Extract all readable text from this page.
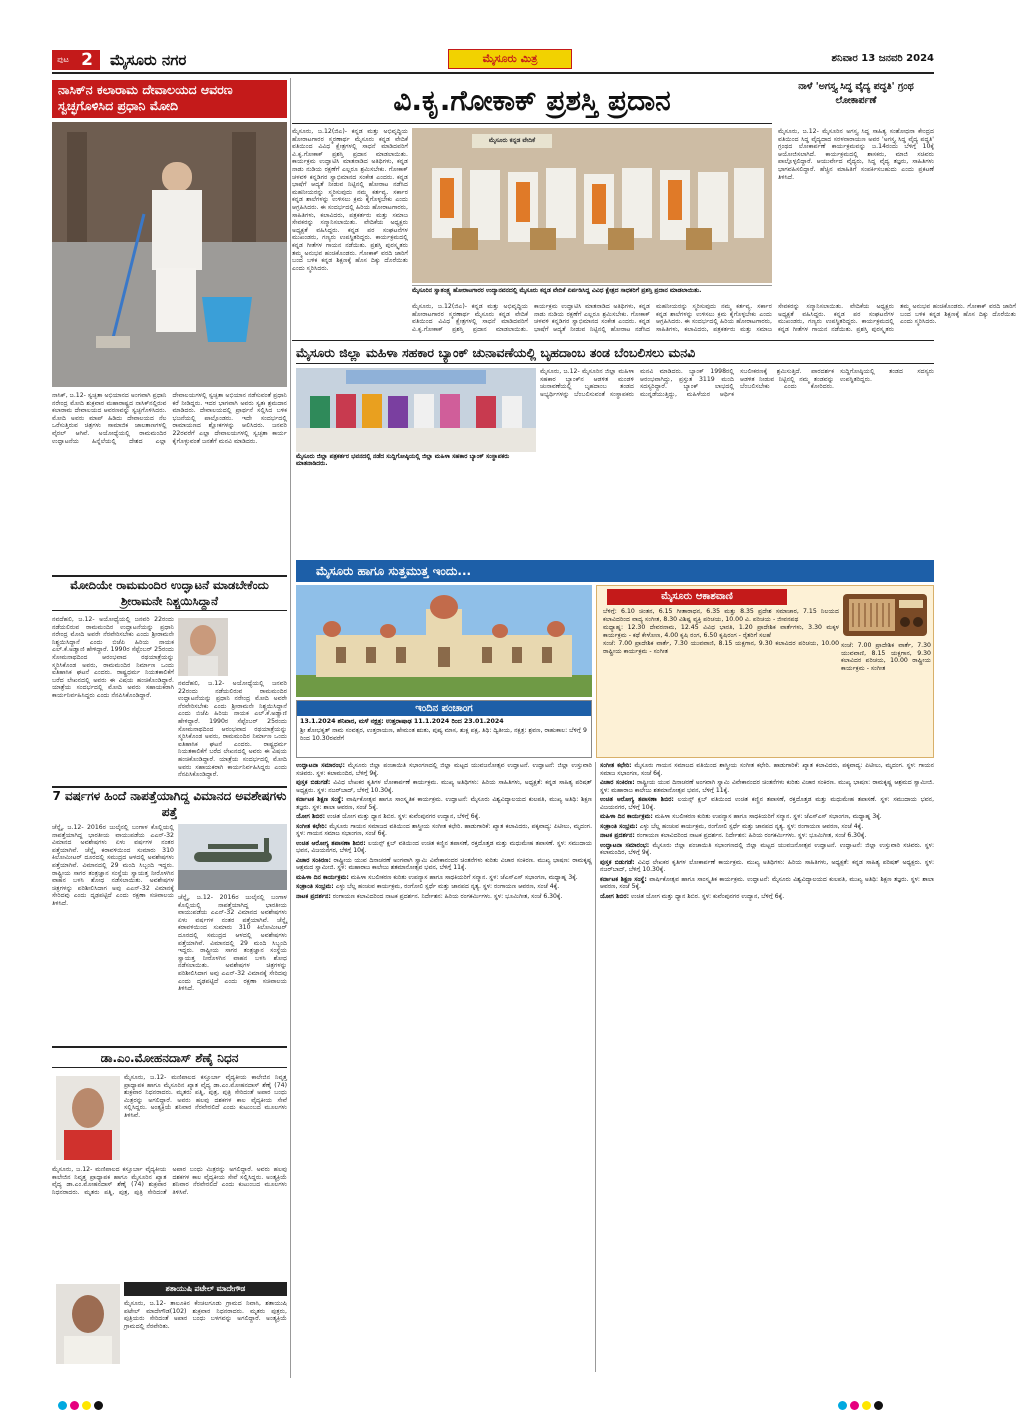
ಪುಟ 2	ಮೈಸೂರು ನಗರ	ಮೈಸೂರು ಮಿತ್ರ	ಶನಿವಾರ 13 ಜನವರಿ 2024
ನಾಸಿಕ್‌ನ ಕಲಾರಾಮ ದೇವಾಲಯದ ಆವರಣ ಸ್ವಚ್ಛಗೊಳಿಸಿದ ಪ್ರಧಾನಿ ಮೋದಿ
ನಾಸಿಕ್, ಜ.12- ಸ್ವಚ್ಛತಾ ಅಭಿಯಾನದ ಅಂಗವಾಗಿ ಪ್ರಧಾನಿ ನರೇಂದ್ರ ಮೋದಿ ಶುಕ್ರವಾರ ಮಹಾರಾಷ್ಟ್ರದ ನಾಸಿಕ್‌ನಲ್ಲಿರುವ ಕಲಾರಾಮ ದೇವಾಲಯದ ಆವರಣವನ್ನು ಸ್ವಚ್ಛಗೊಳಿಸಿದರು. ಮೋದಿ ಅವರು ಮಾಪ್ ಹಿಡಿದು ದೇವಾಲಯದ ನೆಲ ಒರೆಸುತ್ತಿರುವ ಚಿತ್ರಗಳು ಸಾಮಾಜಿಕ ಜಾಲತಾಣಗಳಲ್ಲಿ ವೈರಲ್ ಆಗಿವೆ. ಅಯೋಧ್ಯೆಯಲ್ಲಿ ರಾಮಮಂದಿರ ಉದ್ಘಾಟನೆಯ ಹಿನ್ನೆಲೆಯಲ್ಲಿ ದೇಶದ ಎಲ್ಲಾ ದೇವಾಲಯಗಳಲ್ಲಿ ಸ್ವಚ್ಛತಾ ಅಭಿಯಾನ ನಡೆಸುವಂತೆ ಪ್ರಧಾನಿ ಕರೆ ನೀಡಿದ್ದರು. ಇದರ ಭಾಗವಾಗಿ ಅವರು ಸ್ವತಃ ಶ್ರಮದಾನ ಮಾಡಿದರು. ದೇವಾಲಯದಲ್ಲಿ ಪ್ರಾರ್ಥನೆ ಸಲ್ಲಿಸಿದ ಬಳಿಕ ಭಜನೆಯಲ್ಲಿ ಪಾಲ್ಗೊಂಡರು. ಇದೇ ಸಂದರ್ಭದಲ್ಲಿ ರಾಮಾಯಣದ ಶ್ಲೋಕಗಳನ್ನು ಆಲಿಸಿದರು. ಜನವರಿ 22ರವರೆಗೆ ಎಲ್ಲಾ ದೇವಾಲಯಗಳಲ್ಲಿ ಸ್ವಚ್ಛತಾ ಕಾರ್ಯ ಕೈಗೊಳ್ಳುವಂತೆ ಜನತೆಗೆ ಮನವಿ ಮಾಡಿದರು.
ವಿ.ಕೃ.ಗೋಕಾಕ್ ಪ್ರಶಸ್ತಿ ಪ್ರದಾನ
ಮೈಸೂರು, ಜ.12(ಜಿಎ)- ಕನ್ನಡ ಮತ್ತು ಅಭಿವೃದ್ಧಿಯ ಹೋರಾಟಗಾರರ ಸ್ಮರಣಾರ್ಥ ಮೈಸೂರು ಕನ್ನಡ ವೇದಿಕೆ ವತಿಯಿಂದ ವಿವಿಧ ಕ್ಷೇತ್ರಗಳಲ್ಲಿ ಸಾಧನೆ ಮಾಡಿದವರಿಗೆ ವಿ.ಕೃ.ಗೋಕಾಕ್ ಪ್ರಶಸ್ತಿ ಪ್ರದಾನ ಮಾಡಲಾಯಿತು. ಕಾರ್ಯಕ್ರಮ ಉದ್ಘಾಟಿಸಿ ಮಾತನಾಡಿದ ಅತಿಥಿಗಳು, ಕನ್ನಡ ನಾಡು ನುಡಿಯ ರಕ್ಷಣೆಗೆ ಎಲ್ಲರೂ ಶ್ರಮಿಸಬೇಕು. ಗೋಕಾಕ್ ಚಳವಳಿ ಕನ್ನಡಿಗರ ಸ್ವಾಭಿಮಾನದ ಸಂಕೇತ ಎಂದರು. ಕನ್ನಡ ಭಾಷೆಗೆ ಆದ್ಯತೆ ನೀಡುವ ನಿಟ್ಟಿನಲ್ಲಿ ಹೋರಾಟ ನಡೆಸಿದ ಮಹನೀಯರನ್ನು ಸ್ಮರಿಸುವುದು ನಮ್ಮ ಕರ್ತವ್ಯ. ಸರ್ಕಾರ ಕನ್ನಡ ಶಾಲೆಗಳನ್ನು ಉಳಿಸಲು ಕ್ರಮ ಕೈಗೊಳ್ಳಬೇಕು ಎಂದು ಆಗ್ರಹಿಸಿದರು. ಈ ಸಂದರ್ಭದಲ್ಲಿ ಹಿರಿಯ ಹೋರಾಟಗಾರರು, ಸಾಹಿತಿಗಳು, ಕಲಾವಿದರು, ಪತ್ರಕರ್ತರು ಮತ್ತು ಸಮಾಜ ಸೇವಕರನ್ನು ಸನ್ಮಾನಿಸಲಾಯಿತು. ವೇದಿಕೆಯ ಅಧ್ಯಕ್ಷರು ಅಧ್ಯಕ್ಷತೆ ವಹಿಸಿದ್ದರು. ಕನ್ನಡ ಪರ ಸಂಘಟನೆಗಳ ಮುಖಂಡರು, ಗಣ್ಯರು ಉಪಸ್ಥಿತರಿದ್ದರು. ಕಾರ್ಯಕ್ರಮದಲ್ಲಿ ಕನ್ನಡ ಗೀತೆಗಳ ಗಾಯನ ನಡೆಯಿತು. ಪ್ರಶಸ್ತಿ ಪುರಸ್ಕೃತರು ತಮ್ಮ ಅನುಭವ ಹಂಚಿಕೊಂಡರು. ಗೋಕಾಕ್ ವರದಿ ಜಾರಿಗೆ ಬಂದ ಬಳಿಕ ಕನ್ನಡ ಶಿಕ್ಷಣಕ್ಕೆ ಹೊಸ ದಿಕ್ಕು ದೊರೆಯಿತು ಎಂದು ಸ್ಮರಿಸಿದರು.
ಮೈಸೂರು ಕನ್ನಡ ವೇದಿಕೆ
ಮೈಸೂರಿನ ಸ್ವಾತಂತ್ರ್ಯ ಹೋರಾಟಗಾರರ ಉದ್ಯಾನವನದಲ್ಲಿ ಮೈಸೂರು ಕನ್ನಡ ವೇದಿಕೆ ಏರ್ಪಡಿಸಿದ್ದ ವಿವಿಧ ಕ್ಷೇತ್ರದ ಸಾಧಕರಿಗೆ ಪ್ರಶಸ್ತಿ ಪ್ರದಾನ ಮಾಡಲಾಯಿತು.
ಮೈಸೂರು, ಜ.12(ಜಿಎ)- ಕನ್ನಡ ಮತ್ತು ಅಭಿವೃದ್ಧಿಯ ಹೋರಾಟಗಾರರ ಸ್ಮರಣಾರ್ಥ ಮೈಸೂರು ಕನ್ನಡ ವೇದಿಕೆ ವತಿಯಿಂದ ವಿವಿಧ ಕ್ಷೇತ್ರಗಳಲ್ಲಿ ಸಾಧನೆ ಮಾಡಿದವರಿಗೆ ವಿ.ಕೃ.ಗೋಕಾಕ್ ಪ್ರಶಸ್ತಿ ಪ್ರದಾನ ಮಾಡಲಾಯಿತು. ಕಾರ್ಯಕ್ರಮ ಉದ್ಘಾಟಿಸಿ ಮಾತನಾಡಿದ ಅತಿಥಿಗಳು, ಕನ್ನಡ ನಾಡು ನುಡಿಯ ರಕ್ಷಣೆಗೆ ಎಲ್ಲರೂ ಶ್ರಮಿಸಬೇಕು. ಗೋಕಾಕ್ ಚಳವಳಿ ಕನ್ನಡಿಗರ ಸ್ವಾಭಿಮಾನದ ಸಂಕೇತ ಎಂದರು. ಕನ್ನಡ ಭಾಷೆಗೆ ಆದ್ಯತೆ ನೀಡುವ ನಿಟ್ಟಿನಲ್ಲಿ ಹೋರಾಟ ನಡೆಸಿದ ಮಹನೀಯರನ್ನು ಸ್ಮರಿಸುವುದು ನಮ್ಮ ಕರ್ತವ್ಯ. ಸರ್ಕಾರ ಕನ್ನಡ ಶಾಲೆಗಳನ್ನು ಉಳಿಸಲು ಕ್ರಮ ಕೈಗೊಳ್ಳಬೇಕು ಎಂದು ಆಗ್ರಹಿಸಿದರು. ಈ ಸಂದರ್ಭದಲ್ಲಿ ಹಿರಿಯ ಹೋರಾಟಗಾರರು, ಸಾಹಿತಿಗಳು, ಕಲಾವಿದರು, ಪತ್ರಕರ್ತರು ಮತ್ತು ಸಮಾಜ ಸೇವಕರನ್ನು ಸನ್ಮಾನಿಸಲಾಯಿತು. ವೇದಿಕೆಯ ಅಧ್ಯಕ್ಷರು ಅಧ್ಯಕ್ಷತೆ ವಹಿಸಿದ್ದರು. ಕನ್ನಡ ಪರ ಸಂಘಟನೆಗಳ ಮುಖಂಡರು, ಗಣ್ಯರು ಉಪಸ್ಥಿತರಿದ್ದರು. ಕಾರ್ಯಕ್ರಮದಲ್ಲಿ ಕನ್ನಡ ಗೀತೆಗಳ ಗಾಯನ ನಡೆಯಿತು. ಪ್ರಶಸ್ತಿ ಪುರಸ್ಕೃತರು ತಮ್ಮ ಅನುಭವ ಹಂಚಿಕೊಂಡರು. ಗೋಕಾಕ್ ವರದಿ ಜಾರಿಗೆ ಬಂದ ಬಳಿಕ ಕನ್ನಡ ಶಿಕ್ಷಣಕ್ಕೆ ಹೊಸ ದಿಕ್ಕು ದೊರೆಯಿತು ಎಂದು ಸ್ಮರಿಸಿದರು.
ನಾಳೆ 'ಅಗಸ್ತ್ಯ ಸಿದ್ಧ ವೈದ್ಯ ಪದ್ಧತಿ' ಗ್ರಂಥ ಲೋಕಾರ್ಪಣೆ
ಮೈಸೂರು, ಜ.12- ಮೈಸೂರಿನ ಅಗಸ್ತ್ಯ ಸಿದ್ಧ ಸಾಹಿತ್ಯ ಸಂಶೋಧನಾ ಕೇಂದ್ರದ ವತಿಯಿಂದ ಸಿದ್ಧ ವೈದ್ಯದಾದ ಸರಳನಾರಾಯಣ ಅವರ 'ಅಗಸ್ತ್ಯ ಸಿದ್ಧ ವೈದ್ಯ ಪದ್ಧತಿ' ಗ್ರಂಥದ ಲೋಕಾರ್ಪಣೆ ಕಾರ್ಯಕ್ರಮವನ್ನು ಜ.14ರಂದು ಬೆಳಿಗ್ಗೆ 10ಕ್ಕೆ ಆಯೋಜಿಸಲಾಗಿದೆ. ಕಾರ್ಯಕ್ರಮದಲ್ಲಿ ಶಾಸಕರು, ಮಾಜಿ ಸಚಿವರು ಪಾಲ್ಗೊಳ್ಳಲಿದ್ದಾರೆ. ಆಯುರ್ವೇದ ವೈದ್ಯರು, ಸಿದ್ಧ ವೈದ್ಯ ತಜ್ಞರು, ಸಾಹಿತಿಗಳು ಭಾಗವಹಿಸಲಿದ್ದಾರೆ. ಹೆಚ್ಚಿನ ಮಾಹಿತಿಗೆ ಸಂಪರ್ಕಿಸಬಹುದು ಎಂದು ಪ್ರಕಟಣೆ ತಿಳಿಸಿದೆ.
ಮೈಸೂರು ಜಿಲ್ಲಾ ಮಹಿಳಾ ಸಹಕಾರ ಬ್ಯಾಂಕ್ ಚುನಾವಣೆಯಲ್ಲಿ ಬೃಹದಾಂಬ ತಂಡ ಬೆಂಬಲಿಸಲು ಮನವಿ
ಮೈಸೂರು ಜಿಲ್ಲಾ ಪತ್ರಕರ್ತರ ಭವನದಲ್ಲಿ ನಡೆದ ಸುದ್ದಿಗೋಷ್ಠಿಯಲ್ಲಿ ಜಿಲ್ಲಾ ಮಹಿಳಾ ಸಹಕಾರ ಬ್ಯಾಂಕ್ ಸಂಸ್ಥಾಪಕರು ಮಾತನಾಡಿದರು.
ಮೈಸೂರು, ಜ.12- ಮೈಸೂರಿನ ಜಿಲ್ಲಾ ಮಹಿಳಾ ಸಹಕಾರ ಬ್ಯಾಂಕ್‌ನ ಆಡಳಿತ ಮಂಡಳಿ ಚುನಾವಣೆಯಲ್ಲಿ ಬೃಹದಾಂಬ ತಂಡದ ಅಭ್ಯರ್ಥಿಗಳನ್ನು ಬೆಂಬಲಿಸುವಂತೆ ಸಂಸ್ಥಾಪಕರು ಮನವಿ ಮಾಡಿದರು. ಬ್ಯಾಂಕ್ 1998ರಲ್ಲಿ ಆರಂಭವಾಗಿದ್ದು, ಪ್ರಸ್ತುತ 3119 ಮಂದಿ ಸದಸ್ಯರಿದ್ದಾರೆ. ಬ್ಯಾಂಕ್ ಲಾಭದಲ್ಲಿ ಮುನ್ನಡೆಯುತ್ತಿದ್ದು, ಮಹಿಳೆಯರ ಆರ್ಥಿಕ ಸಬಲೀಕರಣಕ್ಕೆ ಶ್ರಮಿಸುತ್ತಿದೆ. ಪಾರದರ್ಶಕ ಆಡಳಿತ ನೀಡುವ ನಿಟ್ಟಿನಲ್ಲಿ ನಮ್ಮ ತಂಡವನ್ನು ಬೆಂಬಲಿಸಬೇಕು ಎಂದು ಕೋರಿದರು. ಸುದ್ದಿಗೋಷ್ಠಿಯಲ್ಲಿ ತಂಡದ ಸದಸ್ಯರು ಉಪಸ್ಥಿತರಿದ್ದರು.
ಮೋದಿಯೇ ರಾಮಮಂದಿರ ಉದ್ಘಾಟನೆ ಮಾಡಬೇಕೆಂದು ಶ್ರೀರಾಮನೇ ನಿಶ್ಚಯಿಸಿದ್ದಾನೆ
ನವದೆಹಲಿ, ಜ.12- ಅಯೋಧ್ಯೆಯಲ್ಲಿ ಜನವರಿ 22ರಂದು ನಡೆಯಲಿರುವ ರಾಮಮಂದಿರ ಉದ್ಘಾಟನೆಯನ್ನು ಪ್ರಧಾನಿ ನರೇಂದ್ರ ಮೋದಿ ಅವರೇ ನೆರವೇರಿಸಬೇಕು ಎಂದು ಶ್ರೀರಾಮನೇ ನಿಶ್ಚಯಿಸಿದ್ದಾನೆ ಎಂದು ಬಿಜೆಪಿ ಹಿರಿಯ ನಾಯಕ ಎಲ್.ಕೆ.ಅಡ್ವಾಣಿ ಹೇಳಿದ್ದಾರೆ. 1990ರ ಸೆಪ್ಟೆಂಬರ್ 25ರಂದು ಸೋಮನಾಥದಿಂದ ಆರಂಭವಾದ ರಥಯಾತ್ರೆಯನ್ನು ಸ್ಮರಿಸಿಕೊಂಡ ಅವರು, ರಾಮಮಂದಿರ ನಿರ್ಮಾಣ ಒಂದು ಐತಿಹಾಸಿಕ ಘಟನೆ ಎಂದರು. ರಾಷ್ಟ್ರಧರ್ಮ ನಿಯತಕಾಲಿಕೆಗೆ ಬರೆದ ಲೇಖನದಲ್ಲಿ ಅವರು ಈ ವಿಷಯ ಹಂಚಿಕೊಂಡಿದ್ದಾರೆ. ಯಾತ್ರೆಯ ಸಂದರ್ಭದಲ್ಲಿ ಮೋದಿ ಅವರು ಸಹಾಯಕರಾಗಿ ಕಾರ್ಯನಿರ್ವಹಿಸಿದ್ದರು ಎಂದು ನೆನಪಿಸಿಕೊಂಡಿದ್ದಾರೆ.
ನವದೆಹಲಿ, ಜ.12- ಅಯೋಧ್ಯೆಯಲ್ಲಿ ಜನವರಿ 22ರಂದು ನಡೆಯಲಿರುವ ರಾಮಮಂದಿರ ಉದ್ಘಾಟನೆಯನ್ನು ಪ್ರಧಾನಿ ನರೇಂದ್ರ ಮೋದಿ ಅವರೇ ನೆರವೇರಿಸಬೇಕು ಎಂದು ಶ್ರೀರಾಮನೇ ನಿಶ್ಚಯಿಸಿದ್ದಾನೆ ಎಂದು ಬಿಜೆಪಿ ಹಿರಿಯ ನಾಯಕ ಎಲ್.ಕೆ.ಅಡ್ವಾಣಿ ಹೇಳಿದ್ದಾರೆ. 1990ರ ಸೆಪ್ಟೆಂಬರ್ 25ರಂದು ಸೋಮನಾಥದಿಂದ ಆರಂಭವಾದ ರಥಯಾತ್ರೆಯನ್ನು ಸ್ಮರಿಸಿಕೊಂಡ ಅವರು, ರಾಮಮಂದಿರ ನಿರ್ಮಾಣ ಒಂದು ಐತಿಹಾಸಿಕ ಘಟನೆ ಎಂದರು. ರಾಷ್ಟ್ರಧರ್ಮ ನಿಯತಕಾಲಿಕೆಗೆ ಬರೆದ ಲೇಖನದಲ್ಲಿ ಅವರು ಈ ವಿಷಯ ಹಂಚಿಕೊಂಡಿದ್ದಾರೆ. ಯಾತ್ರೆಯ ಸಂದರ್ಭದಲ್ಲಿ ಮೋದಿ ಅವರು ಸಹಾಯಕರಾಗಿ ಕಾರ್ಯನಿರ್ವಹಿಸಿದ್ದರು ಎಂದು ನೆನಪಿಸಿಕೊಂಡಿದ್ದಾರೆ.
7 ವರ್ಷಗಳ ಹಿಂದೆ ನಾಪತ್ತೆಯಾಗಿದ್ದ ವಿಮಾನದ ಅವಶೇಷಗಳು ಪತ್ತೆ
ಚೆನ್ನೈ, ಜ.12- 2016ರ ಜುಲೈನಲ್ಲಿ ಬಂಗಾಳ ಕೊಲ್ಲಿಯಲ್ಲಿ ನಾಪತ್ತೆಯಾಗಿದ್ದ ಭಾರತೀಯ ವಾಯುಪಡೆಯ ಎಎನ್-32 ವಿಮಾನದ ಅವಶೇಷಗಳು ಏಳು ವರ್ಷಗಳ ನಂತರ ಪತ್ತೆಯಾಗಿವೆ. ಚೆನ್ನೈ ಕರಾವಳಿಯಿಂದ ಸುಮಾರು 310 ಕಿಲೋಮೀಟರ್ ದೂರದಲ್ಲಿ ಸಮುದ್ರದ ಆಳದಲ್ಲಿ ಅವಶೇಷಗಳು ಪತ್ತೆಯಾಗಿವೆ. ವಿಮಾನದಲ್ಲಿ 29 ಮಂದಿ ಸಿಬ್ಬಂದಿ ಇದ್ದರು. ರಾಷ್ಟ್ರೀಯ ಸಾಗರ ತಂತ್ರಜ್ಞಾನ ಸಂಸ್ಥೆಯ ಸ್ವಾಯತ್ತ ನೀರೊಳಗಿನ ವಾಹನ ಬಳಸಿ ಶೋಧ ನಡೆಸಲಾಯಿತು. ಅವಶೇಷಗಳ ಚಿತ್ರಗಳನ್ನು ಪರಿಶೀಲಿಸಿದಾಗ ಅವು ಎಎನ್-32 ವಿಮಾನಕ್ಕೆ ಸೇರಿದವು ಎಂದು ದೃಢಪಟ್ಟಿದೆ ಎಂದು ರಕ್ಷಣಾ ಸಚಿವಾಲಯ ತಿಳಿಸಿದೆ.
ಚೆನ್ನೈ, ಜ.12- 2016ರ ಜುಲೈನಲ್ಲಿ ಬಂಗಾಳ ಕೊಲ್ಲಿಯಲ್ಲಿ ನಾಪತ್ತೆಯಾಗಿದ್ದ ಭಾರತೀಯ ವಾಯುಪಡೆಯ ಎಎನ್-32 ವಿಮಾನದ ಅವಶೇಷಗಳು ಏಳು ವರ್ಷಗಳ ನಂತರ ಪತ್ತೆಯಾಗಿವೆ. ಚೆನ್ನೈ ಕರಾವಳಿಯಿಂದ ಸುಮಾರು 310 ಕಿಲೋಮೀಟರ್ ದೂರದಲ್ಲಿ ಸಮುದ್ರದ ಆಳದಲ್ಲಿ ಅವಶೇಷಗಳು ಪತ್ತೆಯಾಗಿವೆ. ವಿಮಾನದಲ್ಲಿ 29 ಮಂದಿ ಸಿಬ್ಬಂದಿ ಇದ್ದರು. ರಾಷ್ಟ್ರೀಯ ಸಾಗರ ತಂತ್ರಜ್ಞಾನ ಸಂಸ್ಥೆಯ ಸ್ವಾಯತ್ತ ನೀರೊಳಗಿನ ವಾಹನ ಬಳಸಿ ಶೋಧ ನಡೆಸಲಾಯಿತು. ಅವಶೇಷಗಳ ಚಿತ್ರಗಳನ್ನು ಪರಿಶೀಲಿಸಿದಾಗ ಅವು ಎಎನ್-32 ವಿಮಾನಕ್ಕೆ ಸೇರಿದವು ಎಂದು ದೃಢಪಟ್ಟಿದೆ ಎಂದು ರಕ್ಷಣಾ ಸಚಿವಾಲಯ ತಿಳಿಸಿದೆ.
ಡಾ.ಎಂ.ಮೋಹನದಾಸ್ ಶೆಣೈ ನಿಧನ
ಮೈಸೂರು, ಜ.12- ಮಣಿಪಾಲದ ಕಸ್ತೂರ್ಬಾ ವೈದ್ಯಕೀಯ ಕಾಲೇಜಿನ ನಿವೃತ್ತ ಪ್ರಾಧ್ಯಾಪಕ ಹಾಗೂ ಮೈಸೂರಿನ ಖ್ಯಾತ ವೈದ್ಯ ಡಾ.ಎಂ.ಮೋಹನದಾಸ್ ಶೆಣೈ (74) ಶುಕ್ರವಾರ ನಿಧನರಾದರು. ಮೃತರು ಪತ್ನಿ, ಪುತ್ರ, ಪುತ್ರಿ ಸೇರಿದಂತೆ ಅಪಾರ ಬಂಧು ಮಿತ್ರರನ್ನು ಅಗಲಿದ್ದಾರೆ. ಅವರು ಹಲವು ದಶಕಗಳ ಕಾಲ ವೈದ್ಯಕೀಯ ಸೇವೆ ಸಲ್ಲಿಸಿದ್ದರು. ಅಂತ್ಯಕ್ರಿಯೆ ಶನಿವಾರ ನೆರವೇರಲಿದೆ ಎಂದು ಕುಟುಂಬದ ಮೂಲಗಳು ತಿಳಿಸಿವೆ.
ಮೈಸೂರು, ಜ.12- ಮಣಿಪಾಲದ ಕಸ್ತೂರ್ಬಾ ವೈದ್ಯಕೀಯ ಕಾಲೇಜಿನ ನಿವೃತ್ತ ಪ್ರಾಧ್ಯಾಪಕ ಹಾಗೂ ಮೈಸೂರಿನ ಖ್ಯಾತ ವೈದ್ಯ ಡಾ.ಎಂ.ಮೋಹನದಾಸ್ ಶೆಣೈ (74) ಶುಕ್ರವಾರ ನಿಧನರಾದರು. ಮೃತರು ಪತ್ನಿ, ಪುತ್ರ, ಪುತ್ರಿ ಸೇರಿದಂತೆ ಅಪಾರ ಬಂಧು ಮಿತ್ರರನ್ನು ಅಗಲಿದ್ದಾರೆ. ಅವರು ಹಲವು ದಶಕಗಳ ಕಾಲ ವೈದ್ಯಕೀಯ ಸೇವೆ ಸಲ್ಲಿಸಿದ್ದರು. ಅಂತ್ಯಕ್ರಿಯೆ ಶನಿವಾರ ನೆರವೇರಲಿದೆ ಎಂದು ಕುಟುಂಬದ ಮೂಲಗಳು ತಿಳಿಸಿವೆ.
ಶತಾಯುಷಿ ಪಟೇಲ್ ಮಾದೇಗೌಡ
ಮೈಸೂರು, ಜ.12- ತಾಲೂಕಿನ ಕೆಂಚಲಗೂಡು ಗ್ರಾಮದ ನಿವಾಸಿ, ಶತಾಯುಷಿ ಪಟೇಲ್ ಮಾದೇಗೌಡ(102) ಶುಕ್ರವಾರ ನಿಧನರಾದರು. ಮೃತರು ಪುತ್ರರು, ಪುತ್ರಿಯರು ಸೇರಿದಂತೆ ಅಪಾರ ಬಂಧು ಬಳಗವನ್ನು ಅಗಲಿದ್ದಾರೆ. ಅಂತ್ಯಕ್ರಿಯೆ ಗ್ರಾಮದಲ್ಲಿ ನೆರವೇರಿತು.
ಮೈಸೂರು ಹಾಗೂ ಸುತ್ತಮುತ್ತ ಇಂದು...
ಇಂದಿನ ಪಂಚಾಂಗ
13.1.2024 ಶನಿವಾರ, ಮಳೆ ನಕ್ಷತ್ರ: ಉತ್ತರಾಷಾಢ 11.1.2024 ರಿಂದ 23.01.2024
ಶ್ರೀ ಶೋಭಕೃತ್ ನಾಮ ಸಂವತ್ಸರ, ಉತ್ತರಾಯಣ, ಹೇಮಂತ ಋತು, ಪುಷ್ಯ ಮಾಸ, ಶುಕ್ಲ ಪಕ್ಷ, ತಿಥಿ: ದ್ವಿತೀಯ, ನಕ್ಷತ್ರ: ಶ್ರವಣ, ರಾಹುಕಾಲ: ಬೆಳಿಗ್ಗೆ 9 ರಿಂದ 10.30ರವರೆಗೆ
ಮೈಸೂರು ಆಕಾಶವಾಣಿ
ಬೆಳಿಗ್ಗೆ: 6.10 ಚಿಂತನ, 6.15 ಗೀತಾರಾಧನ, 6.35 ಮತ್ತು 8.35 ಪ್ರದೇಶ ಸಮಾಚಾರ, 7.15 ನಿಲಯದ ಕಲಾವಿದರಿಂದ ವಾದ್ಯ ಸಂಗೀತ, 8.30 ವಿಶಿಷ್ಟ ವ್ಯಕ್ತಿ ಪರಿಚಯ, 10.00 ವಿ. ಪರಿಚಯ - ಜೀವನಪಥ
ಮಧ್ಯಾಹ್ನ: 12.30 ದೇವರನಾಮ, 12.45 ವಿವಿಧ ಭಾರತಿ, 1.20 ಪ್ರಾದೇಶಿಕ ವಾರ್ತೆಗಳು, 3.30 ಮಕ್ಕಳ ಕಾರ್ಯಕ್ರಮ - ಕಥೆ ಕೇಳೋಣ, 4.00 ಕೃಷಿ ರಂಗ, 6.50 ಕೃಷಿರಂಗ - ರೈತರಿಗೆ ಸಲಹೆ
ಸಂಜೆ: 7.00 ಪ್ರಾದೇಶಿಕ ವಾರ್ತೆ, 7.30 ಯುವವಾಣಿ, 8.15 ಯಕ್ಷಗಾನ, 9.30 ಕಲಾವಿದರ ಪರಿಚಯ, 10.00 ರಾಷ್ಟ್ರೀಯ ಕಾರ್ಯಕ್ರಮ - ಸಂಗೀತ
ಸಂಜೆ: 7.00 ಪ್ರಾದೇಶಿಕ ವಾರ್ತೆ, 7.30 ಯುವವಾಣಿ, 8.15 ಯಕ್ಷಗಾನ, 9.30 ಕಲಾವಿದರ ಪರಿಚಯ, 10.00 ರಾಷ್ಟ್ರೀಯ ಕಾರ್ಯಕ್ರಮ - ಸಂಗೀತ
ಉದ್ಘಾಟನಾ ಸಮಾರಂಭ: ಮೈಸೂರು ಜಿಲ್ಲಾ ಪಂಚಾಯಿತಿ ಸಭಾಂಗಣದಲ್ಲಿ ಜಿಲ್ಲಾ ಮಟ್ಟದ ಯುವಜನೋತ್ಸವ ಉದ್ಘಾಟನೆ. ಉದ್ಘಾಟನೆ: ಜಿಲ್ಲಾ ಉಸ್ತುವಾರಿ ಸಚಿವರು. ಸ್ಥಳ: ಕಲಾಮಂದಿರ, ಬೆಳಿಗ್ಗೆ 9ಕ್ಕೆ.
ಪುಸ್ತಕ ಬಿಡುಗಡೆ: ವಿವಿಧ ಲೇಖಕರ ಕೃತಿಗಳ ಲೋಕಾರ್ಪಣೆ ಕಾರ್ಯಕ್ರಮ. ಮುಖ್ಯ ಅತಿಥಿಗಳು: ಹಿರಿಯ ಸಾಹಿತಿಗಳು, ಅಧ್ಯಕ್ಷತೆ: ಕನ್ನಡ ಸಾಹಿತ್ಯ ಪರಿಷತ್ ಅಧ್ಯಕ್ಷರು. ಸ್ಥಳ: ನಜರ್‌ಬಾದ್, ಬೆಳಿಗ್ಗೆ 10.30ಕ್ಕೆ.
ಕರ್ನಾಟಕ ಶಿಕ್ಷಣ ಸಂಸ್ಥೆ: ವಾರ್ಷಿಕೋತ್ಸವ ಹಾಗೂ ಸಾಂಸ್ಕೃತಿಕ ಕಾರ್ಯಕ್ರಮ. ಉದ್ಘಾಟನೆ: ಮೈಸೂರು ವಿಶ್ವವಿದ್ಯಾಲಯದ ಕುಲಪತಿ, ಮುಖ್ಯ ಅತಿಥಿ: ಶಿಕ್ಷಣ ತಜ್ಞರು. ಸ್ಥಳ: ಶಾಲಾ ಆವರಣ, ಸಂಜೆ 5ಕ್ಕೆ.
ಯೋಗ ಶಿಬಿರ: ಉಚಿತ ಯೋಗ ಮತ್ತು ಧ್ಯಾನ ಶಿಬಿರ. ಸ್ಥಳ: ಕುವೆಂಪುನಗರ ಉದ್ಯಾನ, ಬೆಳಿಗ್ಗೆ 6ಕ್ಕೆ.
ಸಂಗೀತ ಕಛೇರಿ: ಮೈಸೂರು ಗಾಯನ ಸಮಾಜದ ವತಿಯಿಂದ ಶಾಸ್ತ್ರೀಯ ಸಂಗೀತ ಕಛೇರಿ. ಹಾಡುಗಾರಿಕೆ: ಖ್ಯಾತ ಕಲಾವಿದರು, ಪಕ್ಕವಾದ್ಯ: ಪಿಟೀಲು, ಮೃದಂಗ. ಸ್ಥಳ: ಗಾಯನ ಸಮಾಜ ಸಭಾಂಗಣ, ಸಂಜೆ 6ಕ್ಕೆ.
ಉಚಿತ ಆರೋಗ್ಯ ತಪಾಸಣಾ ಶಿಬಿರ: ಲಯನ್ಸ್ ಕ್ಲಬ್ ವತಿಯಿಂದ ಉಚಿತ ಕಣ್ಣಿನ ತಪಾಸಣೆ, ರಕ್ತದೊತ್ತಡ ಮತ್ತು ಮಧುಮೇಹ ತಪಾಸಣೆ. ಸ್ಥಳ: ಸಮುದಾಯ ಭವನ, ವಿಜಯನಗರ, ಬೆಳಿಗ್ಗೆ 10ಕ್ಕೆ.
ವಿಚಾರ ಸಂಕಿರಣ: ರಾಷ್ಟ್ರೀಯ ಯುವ ದಿನಾಚರಣೆ ಅಂಗವಾಗಿ ಸ್ವಾಮಿ ವಿವೇಕಾನಂದರ ಚಿಂತನೆಗಳು ಕುರಿತು ವಿಚಾರ ಸಂಕಿರಣ. ಮುಖ್ಯ ಭಾಷಣ: ರಾಮಕೃಷ್ಣ ಆಶ್ರಮದ ಸ್ವಾಮೀಜಿ. ಸ್ಥಳ: ಮಹಾರಾಜ ಕಾಲೇಜು ಶತಮಾನೋತ್ಸವ ಭವನ, ಬೆಳಿಗ್ಗೆ 11ಕ್ಕೆ.
ಮಹಿಳಾ ದಿನ ಕಾರ್ಯಕ್ರಮ: ಮಹಿಳಾ ಸಬಲೀಕರಣ ಕುರಿತು ಉಪನ್ಯಾಸ ಹಾಗೂ ಸಾಧಕಿಯರಿಗೆ ಸನ್ಮಾನ. ಸ್ಥಳ: ಜೆಎಸ್‌ಎಸ್ ಸಭಾಂಗಣ, ಮಧ್ಯಾಹ್ನ 3ಕ್ಕೆ.
ಸಂಕ್ರಾಂತಿ ಸಂಭ್ರಮ: ಎಳ್ಳು ಬೆಲ್ಲ ಹಂಚುವ ಕಾರ್ಯಕ್ರಮ, ರಂಗೋಲಿ ಸ್ಪರ್ಧೆ ಮತ್ತು ಜಾನಪದ ನೃತ್ಯ. ಸ್ಥಳ: ರಂಗಾಯಣ ಆವರಣ, ಸಂಜೆ 4ಕ್ಕೆ.
ನಾಟಕ ಪ್ರದರ್ಶನ: ರಂಗಾಯಣ ಕಲಾವಿದರಿಂದ ನಾಟಕ ಪ್ರದರ್ಶನ. ನಿರ್ದೇಶನ: ಹಿರಿಯ ರಂಗಕರ್ಮಿಗಳು. ಸ್ಥಳ: ಭೂಮಿಗೀತ, ಸಂಜೆ 6.30ಕ್ಕೆ.
ಸಂಗೀತ ಕಛೇರಿ: ಮೈಸೂರು ಗಾಯನ ಸಮಾಜದ ವತಿಯಿಂದ ಶಾಸ್ತ್ರೀಯ ಸಂಗೀತ ಕಛೇರಿ. ಹಾಡುಗಾರಿಕೆ: ಖ್ಯಾತ ಕಲಾವಿದರು, ಪಕ್ಕವಾದ್ಯ: ಪಿಟೀಲು, ಮೃದಂಗ. ಸ್ಥಳ: ಗಾಯನ ಸಮಾಜ ಸಭಾಂಗಣ, ಸಂಜೆ 6ಕ್ಕೆ.
ವಿಚಾರ ಸಂಕಿರಣ: ರಾಷ್ಟ್ರೀಯ ಯುವ ದಿನಾಚರಣೆ ಅಂಗವಾಗಿ ಸ್ವಾಮಿ ವಿವೇಕಾನಂದರ ಚಿಂತನೆಗಳು ಕುರಿತು ವಿಚಾರ ಸಂಕಿರಣ. ಮುಖ್ಯ ಭಾಷಣ: ರಾಮಕೃಷ್ಣ ಆಶ್ರಮದ ಸ್ವಾಮೀಜಿ. ಸ್ಥಳ: ಮಹಾರಾಜ ಕಾಲೇಜು ಶತಮಾನೋತ್ಸವ ಭವನ, ಬೆಳಿಗ್ಗೆ 11ಕ್ಕೆ.
ಉಚಿತ ಆರೋಗ್ಯ ತಪಾಸಣಾ ಶಿಬಿರ: ಲಯನ್ಸ್ ಕ್ಲಬ್ ವತಿಯಿಂದ ಉಚಿತ ಕಣ್ಣಿನ ತಪಾಸಣೆ, ರಕ್ತದೊತ್ತಡ ಮತ್ತು ಮಧುಮೇಹ ತಪಾಸಣೆ. ಸ್ಥಳ: ಸಮುದಾಯ ಭವನ, ವಿಜಯನಗರ, ಬೆಳಿಗ್ಗೆ 10ಕ್ಕೆ.
ಮಹಿಳಾ ದಿನ ಕಾರ್ಯಕ್ರಮ: ಮಹಿಳಾ ಸಬಲೀಕರಣ ಕುರಿತು ಉಪನ್ಯಾಸ ಹಾಗೂ ಸಾಧಕಿಯರಿಗೆ ಸನ್ಮಾನ. ಸ್ಥಳ: ಜೆಎಸ್‌ಎಸ್ ಸಭಾಂಗಣ, ಮಧ್ಯಾಹ್ನ 3ಕ್ಕೆ.
ಸಂಕ್ರಾಂತಿ ಸಂಭ್ರಮ: ಎಳ್ಳು ಬೆಲ್ಲ ಹಂಚುವ ಕಾರ್ಯಕ್ರಮ, ರಂಗೋಲಿ ಸ್ಪರ್ಧೆ ಮತ್ತು ಜಾನಪದ ನೃತ್ಯ. ಸ್ಥಳ: ರಂಗಾಯಣ ಆವರಣ, ಸಂಜೆ 4ಕ್ಕೆ.
ನಾಟಕ ಪ್ರದರ್ಶನ: ರಂಗಾಯಣ ಕಲಾವಿದರಿಂದ ನಾಟಕ ಪ್ರದರ್ಶನ. ನಿರ್ದೇಶನ: ಹಿರಿಯ ರಂಗಕರ್ಮಿಗಳು. ಸ್ಥಳ: ಭೂಮಿಗೀತ, ಸಂಜೆ 6.30ಕ್ಕೆ.
ಉದ್ಘಾಟನಾ ಸಮಾರಂಭ: ಮೈಸೂರು ಜಿಲ್ಲಾ ಪಂಚಾಯಿತಿ ಸಭಾಂಗಣದಲ್ಲಿ ಜಿಲ್ಲಾ ಮಟ್ಟದ ಯುವಜನೋತ್ಸವ ಉದ್ಘಾಟನೆ. ಉದ್ಘಾಟನೆ: ಜಿಲ್ಲಾ ಉಸ್ತುವಾರಿ ಸಚಿವರು. ಸ್ಥಳ: ಕಲಾಮಂದಿರ, ಬೆಳಿಗ್ಗೆ 9ಕ್ಕೆ.
ಪುಸ್ತಕ ಬಿಡುಗಡೆ: ವಿವಿಧ ಲೇಖಕರ ಕೃತಿಗಳ ಲೋಕಾರ್ಪಣೆ ಕಾರ್ಯಕ್ರಮ. ಮುಖ್ಯ ಅತಿಥಿಗಳು: ಹಿರಿಯ ಸಾಹಿತಿಗಳು, ಅಧ್ಯಕ್ಷತೆ: ಕನ್ನಡ ಸಾಹಿತ್ಯ ಪರಿಷತ್ ಅಧ್ಯಕ್ಷರು. ಸ್ಥಳ: ನಜರ್‌ಬಾದ್, ಬೆಳಿಗ್ಗೆ 10.30ಕ್ಕೆ.
ಕರ್ನಾಟಕ ಶಿಕ್ಷಣ ಸಂಸ್ಥೆ: ವಾರ್ಷಿಕೋತ್ಸವ ಹಾಗೂ ಸಾಂಸ್ಕೃತಿಕ ಕಾರ್ಯಕ್ರಮ. ಉದ್ಘಾಟನೆ: ಮೈಸೂರು ವಿಶ್ವವಿದ್ಯಾಲಯದ ಕುಲಪತಿ, ಮುಖ್ಯ ಅತಿಥಿ: ಶಿಕ್ಷಣ ತಜ್ಞರು. ಸ್ಥಳ: ಶಾಲಾ ಆವರಣ, ಸಂಜೆ 5ಕ್ಕೆ.
ಯೋಗ ಶಿಬಿರ: ಉಚಿತ ಯೋಗ ಮತ್ತು ಧ್ಯಾನ ಶಿಬಿರ. ಸ್ಥಳ: ಕುವೆಂಪುನಗರ ಉದ್ಯಾನ, ಬೆಳಿಗ್ಗೆ 6ಕ್ಕೆ.
